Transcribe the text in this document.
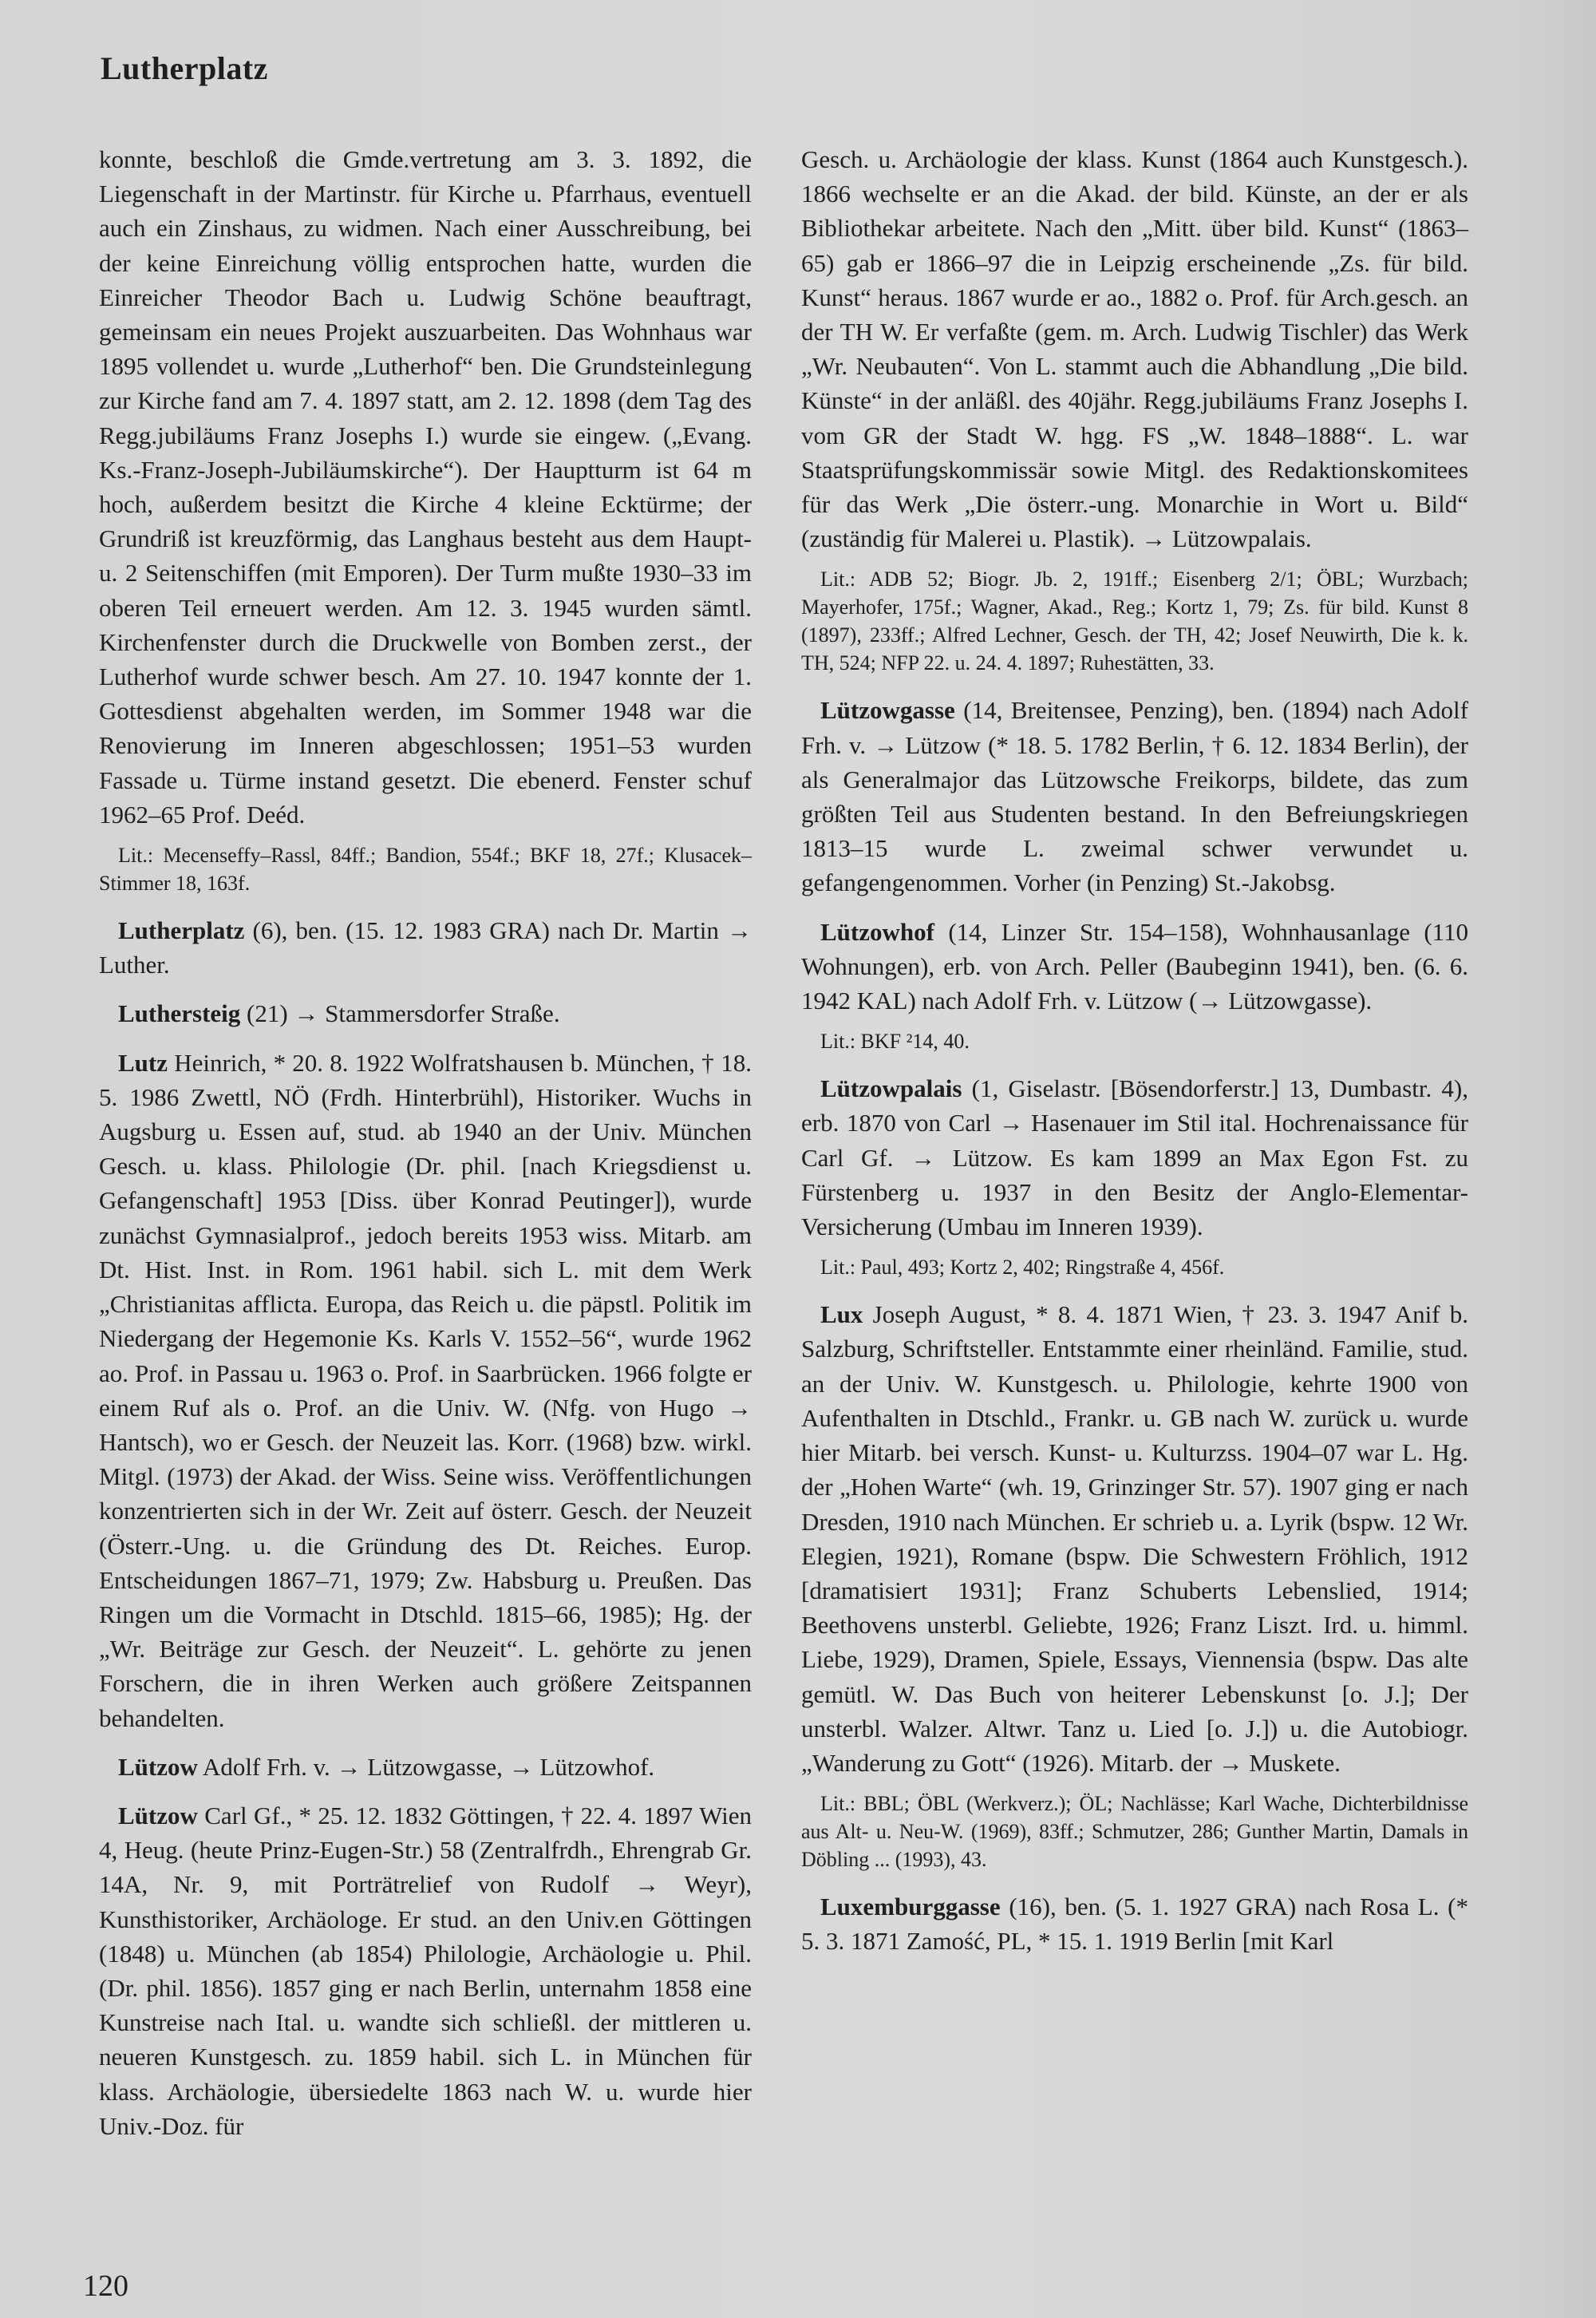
Lutherplatz

konnte, beschloß die Gmde.vertretung am 3. 3. 1892, die Liegenschaft in der Martinstr. für Kirche u. Pfarrhaus, eventuell auch ein Zinshaus, zu widmen. Nach einer Ausschreibung, bei der keine Einreichung völlig entsprochen hatte, wurden die Einreicher Theodor Bach u. Ludwig Schöne beauftragt, gemeinsam ein neues Projekt auszuarbeiten. Das Wohnhaus war 1895 vollendet u. wurde „Lutherhof“ ben. Die Grundsteinlegung zur Kirche fand am 7. 4. 1897 statt, am 2. 12. 1898 (dem Tag des Regg.jubiläums Franz Josephs I.) wurde sie eingew. („Evang. Ks.-Franz-Joseph-Jubiläumskirche“). Der Hauptturm ist 64 m hoch, außerdem besitzt die Kirche 4 kleine Ecktürme; der Grundriß ist kreuzförmig, das Langhaus besteht aus dem Haupt- u. 2 Seitenschiffen (mit Emporen). Der Turm mußte 1930–33 im oberen Teil erneuert werden. Am 12. 3. 1945 wurden sämtl. Kirchenfenster durch die Druckwelle von Bomben zerst., der Lutherhof wurde schwer besch. Am 27. 10. 1947 konnte der 1. Gottesdienst abgehalten werden, im Sommer 1948 war die Renovierung im Inneren abgeschlossen; 1951–53 wurden Fassade u. Türme instand gesetzt. Die ebenerd. Fenster schuf 1962–65 Prof. Deéd.

Lit.: Mecenseffy–Rassl, 84ff.; Bandion, 554f.; BKF 18, 27f.; Klusacek–Stimmer 18, 163f.

Lutherplatz (6), ben. (15. 12. 1983 GRA) nach Dr. Martin → Luther.

Luthersteig (21) → Stammersdorfer Straße.

Lutz Heinrich, * 20. 8. 1922 Wolfratshausen b. München, † 18. 5. 1986 Zwettl, NÖ (Frdh. Hinterbrühl), Historiker. Wuchs in Augsburg u. Essen auf, stud. ab 1940 an der Univ. München Gesch. u. klass. Philologie (Dr. phil. [nach Kriegsdienst u. Gefangenschaft] 1953 [Diss. über Konrad Peutinger]), wurde zunächst Gymnasialprof., jedoch bereits 1953 wiss. Mitarb. am Dt. Hist. Inst. in Rom. 1961 habil. sich L. mit dem Werk „Christianitas afflicta. Europa, das Reich u. die päpstl. Politik im Niedergang der Hegemonie Ks. Karls V. 1552–56“, wurde 1962 ao. Prof. in Passau u. 1963 o. Prof. in Saarbrücken. 1966 folgte er einem Ruf als o. Prof. an die Univ. W. (Nfg. von Hugo → Hantsch), wo er Gesch. der Neuzeit las. Korr. (1968) bzw. wirkl. Mitgl. (1973) der Akad. der Wiss. Seine wiss. Veröffentlichungen konzentrierten sich in der Wr. Zeit auf österr. Gesch. der Neuzeit (Österr.-Ung. u. die Gründung des Dt. Reiches. Europ. Entscheidungen 1867–71, 1979; Zw. Habsburg u. Preußen. Das Ringen um die Vormacht in Dtschld. 1815–66, 1985); Hg. der „Wr. Beiträge zur Gesch. der Neuzeit“. L. gehörte zu jenen Forschern, die in ihren Werken auch größere Zeitspannen behandelten.

Lützow Adolf Frh. v. → Lützowgasse, → Lützowhof.

Lützow Carl Gf., * 25. 12. 1832 Göttingen, † 22. 4. 1897 Wien 4, Heug. (heute Prinz-Eugen-Str.) 58 (Zentralfrdh., Ehrengrab Gr. 14A, Nr. 9, mit Porträtrelief von Rudolf → Weyr), Kunsthistoriker, Archäologe. Er stud. an den Univ.en Göttingen (1848) u. München (ab 1854) Philologie, Archäologie u. Phil. (Dr. phil. 1856). 1857 ging er nach Berlin, unternahm 1858 eine Kunstreise nach Ital. u. wandte sich schließl. der mittleren u. neueren Kunstgesch. zu. 1859 habil. sich L. in München für klass. Archäologie, übersiedelte 1863 nach W. u. wurde hier Univ.-Doz. für

Gesch. u. Archäologie der klass. Kunst (1864 auch Kunstgesch.). 1866 wechselte er an die Akad. der bild. Künste, an der er als Bibliothekar arbeitete. Nach den „Mitt. über bild. Kunst“ (1863–65) gab er 1866–97 die in Leipzig erscheinende „Zs. für bild. Kunst“ heraus. 1867 wurde er ao., 1882 o. Prof. für Arch.gesch. an der TH W. Er verfaßte (gem. m. Arch. Ludwig Tischler) das Werk „Wr. Neubauten“. Von L. stammt auch die Abhandlung „Die bild. Künste“ in der anläßl. des 40jähr. Regg.jubiläums Franz Josephs I. vom GR der Stadt W. hgg. FS „W. 1848–1888“. L. war Staatsprüfungskommissär sowie Mitgl. des Redaktionskomitees für das Werk „Die österr.-ung. Monarchie in Wort u. Bild“ (zuständig für Malerei u. Plastik). → Lützowpalais.

Lit.: ADB 52; Biogr. Jb. 2, 191ff.; Eisenberg 2/1; ÖBL; Wurzbach; Mayerhofer, 175f.; Wagner, Akad., Reg.; Kortz 1, 79; Zs. für bild. Kunst 8 (1897), 233ff.; Alfred Lechner, Gesch. der TH, 42; Josef Neuwirth, Die k. k. TH, 524; NFP 22. u. 24. 4. 1897; Ruhestätten, 33.

Lützowgasse (14, Breitensee, Penzing), ben. (1894) nach Adolf Frh. v. → Lützow (* 18. 5. 1782 Berlin, † 6. 12. 1834 Berlin), der als Generalmajor das Lützowsche Freikorps, bildete, das zum größten Teil aus Studenten bestand. In den Befreiungskriegen 1813–15 wurde L. zweimal schwer verwundet u. gefangengenommen. Vorher (in Penzing) St.-Jakobsg.

Lützowhof (14, Linzer Str. 154–158), Wohnhausanlage (110 Wohnungen), erb. von Arch. Peller (Baubeginn 1941), ben. (6. 6. 1942 KAL) nach Adolf Frh. v. Lützow (→ Lützowgasse).

Lit.: BKF ²14, 40.

Lützowpalais (1, Giselastr. [Bösendorferstr.] 13, Dumbastr. 4), erb. 1870 von Carl → Hasenauer im Stil ital. Hochrenaissance für Carl Gf. → Lützow. Es kam 1899 an Max Egon Fst. zu Fürstenberg u. 1937 in den Besitz der Anglo-Elementar-Versicherung (Umbau im Inneren 1939).

Lit.: Paul, 493; Kortz 2, 402; Ringstraße 4, 456f.

Lux Joseph August, * 8. 4. 1871 Wien, † 23. 3. 1947 Anif b. Salzburg, Schriftsteller. Entstammte einer rheinländ. Familie, stud. an der Univ. W. Kunstgesch. u. Philologie, kehrte 1900 von Aufenthalten in Dtschld., Frankr. u. GB nach W. zurück u. wurde hier Mitarb. bei versch. Kunst- u. Kulturzss. 1904–07 war L. Hg. der „Hohen Warte“ (wh. 19, Grinzinger Str. 57). 1907 ging er nach Dresden, 1910 nach München. Er schrieb u. a. Lyrik (bspw. 12 Wr. Elegien, 1921), Romane (bspw. Die Schwestern Fröhlich, 1912 [dramatisiert 1931]; Franz Schuberts Lebenslied, 1914; Beethovens unsterbl. Geliebte, 1926; Franz Liszt. Ird. u. himml. Liebe, 1929), Dramen, Spiele, Essays, Viennensia (bspw. Das alte gemütl. W. Das Buch von heiterer Lebenskunst [o. J.]; Der unsterbl. Walzer. Altwr. Tanz u. Lied [o. J.]) u. die Autobiogr. „Wanderung zu Gott“ (1926). Mitarb. der → Muskete.

Lit.: BBL; ÖBL (Werkverz.); ÖL; Nachlässe; Karl Wache, Dichterbildnisse aus Alt- u. Neu-W. (1969), 83ff.; Schmutzer, 286; Gunther Martin, Damals in Döbling ... (1993), 43.

Luxemburggasse (16), ben. (5. 1. 1927 GRA) nach Rosa L. (* 5. 3. 1871 Zamość, PL, * 15. 1. 1919 Berlin [mit Karl

120
